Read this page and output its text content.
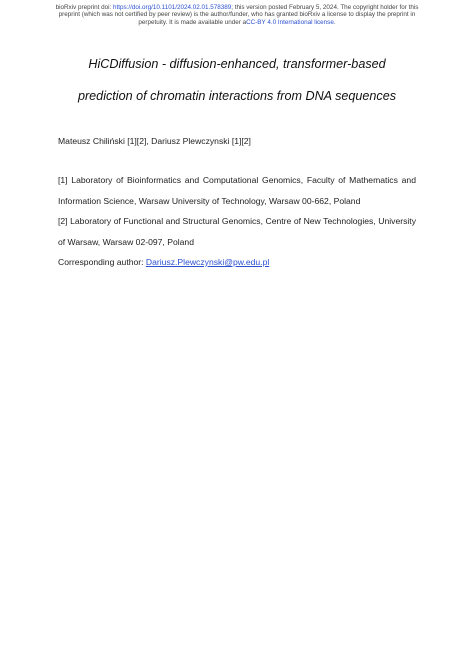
bioRxiv preprint doi: https://doi.org/10.1101/2024.02.01.578389; this version posted February 5, 2024. The copyright holder for this
preprint (which was not certified by peer review) is the author/funder, who has granted bioRxiv a license to display the preprint in
perpetuity. It is made available under aCC-BY 4.0 International license.
HiCDiffusion - diffusion-enhanced, transformer-based
prediction of chromatin interactions from DNA sequences
Mateusz Chiliński [1][2], Dariusz Plewczynski [1][2]
[1] Laboratory of Bioinformatics and Computational Genomics, Faculty of Mathematics and Information Science, Warsaw University of Technology, Warsaw 00-662, Poland
[2] Laboratory of Functional and Structural Genomics, Centre of New Technologies, University of Warsaw, Warsaw 02-097, Poland
Corresponding author: Dariusz.Plewczynski@pw.edu.pl
